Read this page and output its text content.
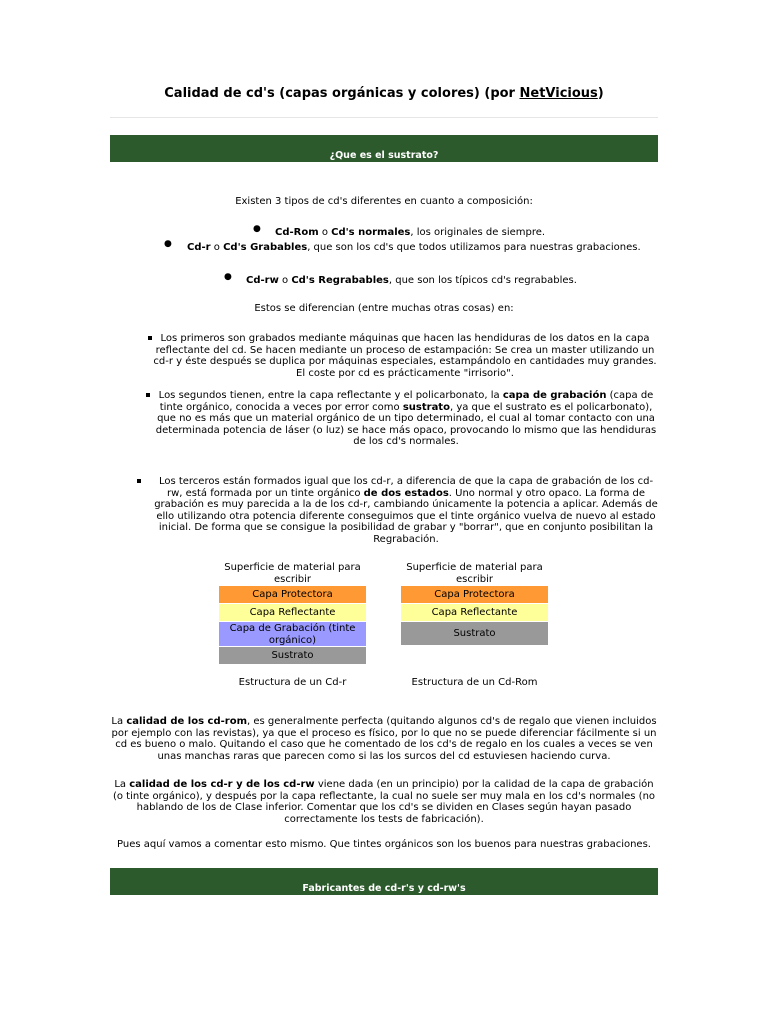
Calidad de cd's (capas orgánicas y colores) (por NetVicious)
¿Que es el sustrato?
Existen 3 tipos de cd's diferentes en cuanto a composición:
● Cd-Rom o Cd's normales, los originales de siempre.
● Cd-r o Cd's Grabables, que son los cd's que todos utilizamos para nuestras grabaciones.
● Cd-rw o Cd's Regrabables, que son los típicos cd's regrabables.
Estos se diferencian (entre muchas otras cosas) en:
Los primeros son grabados mediante máquinas que hacen las hendiduras de los datos en la capa reflectante del cd. Se hacen mediante un proceso de estampación: Se crea un master utilizando un cd-r y éste después se duplica por máquinas especiales, estampándolo en cantidades muy grandes. El coste por cd es prácticamente "irrisorio".
Los segundos tienen, entre la capa reflectante y el policarbonato, la capa de grabación (capa de tinte orgánico, conocida a veces por error como sustrato, ya que el sustrato es el policarbonato), que no es más que un material orgánico de un tipo determinado, el cual al tomar contacto con una determinada potencia de láser (o luz) se hace más opaco, provocando lo mismo que las hendiduras de los cd's normales.
Los terceros están formados igual que los cd-r, a diferencia de que la capa de grabación de los cd-rw, está formada por un tinte orgánico de dos estados. Uno normal y otro opaco. La forma de grabación es muy parecida a la de los cd-r, cambiando únicamente la potencia a aplicar. Además de ello utilizando otra potencia diferente conseguimos que el tinte orgánico vuelva de nuevo al estado inicial. De forma que se consigue la posibilidad de grabar y "borrar", que en conjunto posibilitan la Regrabación.
Superficie de material para escribir
Capa Protectora
Capa Reflectante
Capa de Grabación (tinte orgánico)
Sustrato
Estructura de un Cd-r
Superficie de material para escribir
Capa Protectora
Capa Reflectante
Sustrato
Estructura de un Cd-Rom
La calidad de los cd-rom, es generalmente perfecta (quitando algunos cd's de regalo que vienen incluidos por ejemplo con las revistas), ya que el proceso es físico, por lo que no se puede diferenciar fácilmente si un cd es bueno o malo. Quitando el caso que he comentado de los cd's de regalo en los cuales a veces se ven unas manchas raras que parecen como si las los surcos del cd estuviesen haciendo curva.
La calidad de los cd-r y de los cd-rw viene dada (en un principio) por la calidad de la capa de grabación (o tinte orgánico), y después por la capa reflectante, la cual no suele ser muy mala en los cd's normales (no hablando de los de Clase inferior. Comentar que los cd's se dividen en Clases según hayan pasado correctamente los tests de fabricación).
Pues aquí vamos a comentar esto mismo. Que tintes orgánicos son los buenos para nuestras grabaciones.
Fabricantes de cd-r's y cd-rw's
